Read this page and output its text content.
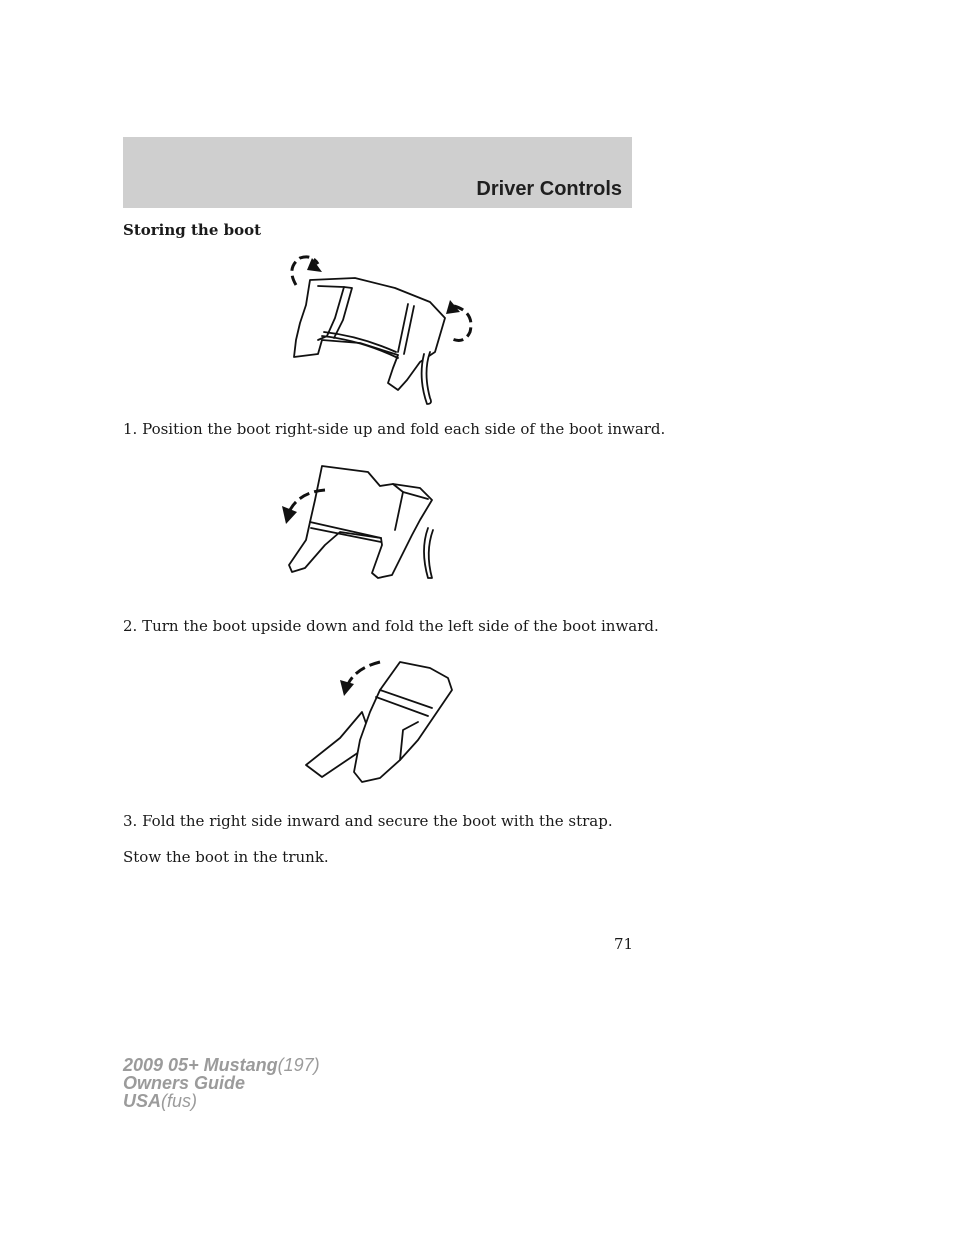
Driver Controls
Storing the boot
1. Position the boot right-side up and fold each side of the boot inward.
2. Turn the boot upside down and fold the left side of the boot inward.
3. Fold the right side inward and secure the boot with the strap.
Stow the boot in the trunk.
71
2009 05+ Mustang(197)
Owners Guide
USA(fus)
